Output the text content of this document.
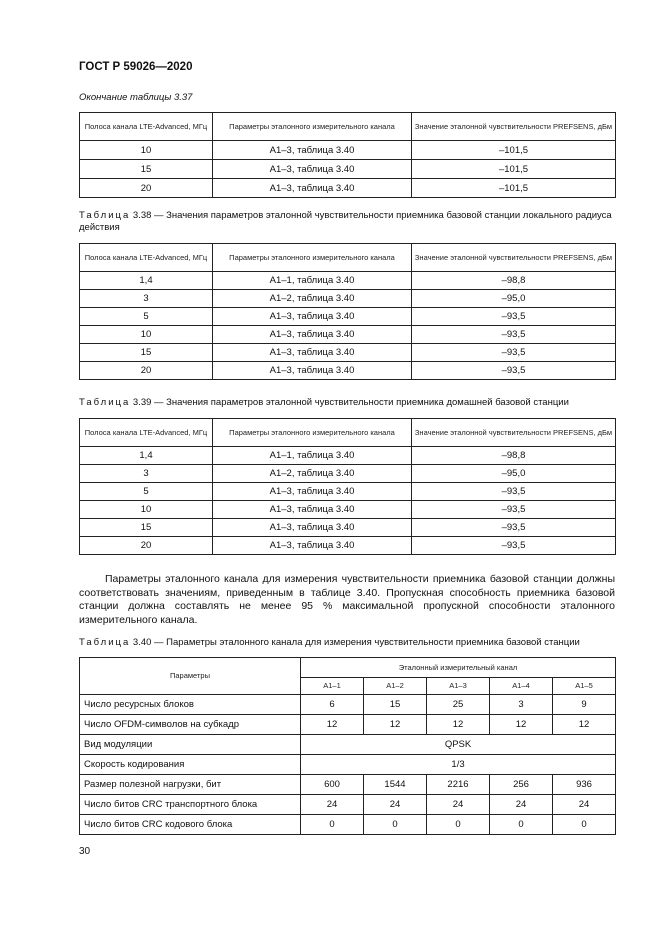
ГОСТ Р 59026—2020
Окончание таблицы 3.37
Полоса канала LTE-Advanced, МГц	Параметры эталонного измерительного канала	Значение эталонной чувствительности PREFSENS, дБм
10	A1–3, таблица 3.40	–101,5
15	A1–3, таблица 3.40	–101,5
20	A1–3, таблица 3.40	–101,5
Таблица 3.38 — Значения параметров эталонной чувствительности приемника базовой станции локального радиуса действия
Полоса канала LTE-Advanced, МГц	Параметры эталонного измерительного канала	Значение эталонной чувствительности PREFSENS, дБм
1,4	A1–1, таблица 3.40	–98,8
3	A1–2, таблица 3.40	–95,0
5	A1–3, таблица 3.40	–93,5
10	A1–3, таблица 3.40	–93,5
15	A1–3, таблица 3.40	–93,5
20	A1–3, таблица 3.40	–93,5
Таблица 3.39 — Значения параметров эталонной чувствительности приемника домашней базовой станции
Полоса канала LTE-Advanced, МГц	Параметры эталонного измерительного канала	Значение эталонной чувствительности PREFSENS, дБм
1,4	A1–1, таблица 3.40	–98,8
3	A1–2, таблица 3.40	–95,0
5	A1–3, таблица 3.40	–93,5
10	A1–3, таблица 3.40	–93,5
15	A1–3, таблица 3.40	–93,5
20	A1–3, таблица 3.40	–93,5
Параметры эталонного канала для измерения чувствительности приемника базовой станции должны соответствовать значениям, приведенным в таблице 3.40. Пропускная способность приемника базовой станции должна составлять не менее 95 % максимальной пропускной способности эталонного измерительного канала.
Таблица 3.40 — Параметры эталонного канала для измерения чувствительности приемника базовой станции
Параметры	Эталонный измерительный канал				
	A1–1	A1–2	A1–3	A1–4	A1–5
Число ресурсных блоков	6	15	25	3	9
Число OFDM-символов на субкадр	12	12	12	12	12
Вид модуляции	QPSK				
Скорость кодирования	1/3				
Размер полезной нагрузки, бит	600	1544	2216	256	936
Число битов CRC транспортного блока	24	24	24	24	24
Число битов CRC кодового блока	0	0	0	0	0
30
